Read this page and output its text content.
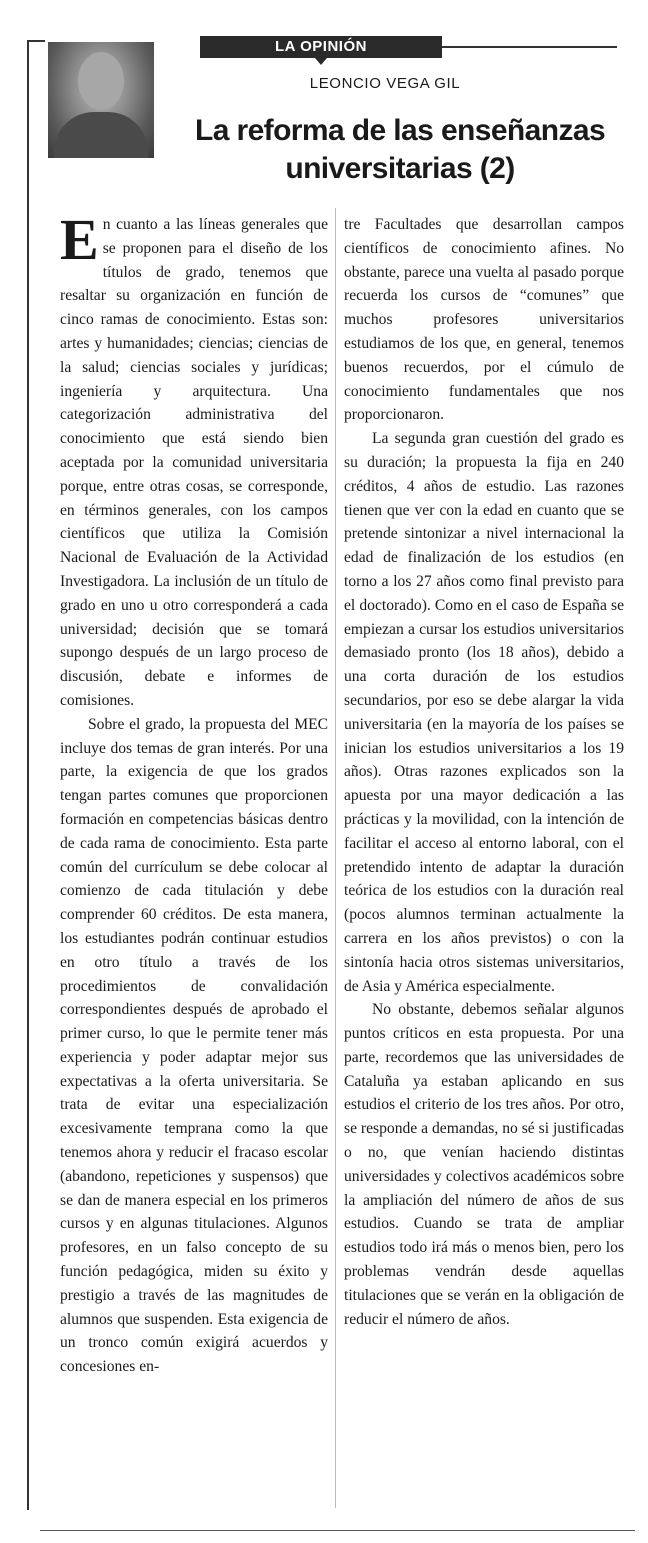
LA OPINIÓN
LEONCIO VEGA GIL
La reforma de las enseñanzas
universitarias (2)

En cuanto a las líneas generales que se proponen para el diseño de los títulos de grado, tenemos que resaltar su organización en función de cinco ramas de conocimiento. Estas son: artes y humanidades; ciencias; ciencias de la salud; ciencias sociales y jurídicas; ingeniería y arquitectura. Una categorización administrativa del conocimiento que está siendo bien aceptada por la comunidad universitaria porque, entre otras cosas, se corresponde, en términos generales, con los campos científicos que utiliza la Comisión Nacional de Evaluación de la Actividad Investigadora. La inclusión de un título de grado en uno u otro corresponderá a cada universidad; decisión que se tomará supongo después de un largo proceso de discusión, debate e informes de comisiones.

Sobre el grado, la propuesta del MEC incluye dos temas de gran interés. Por una parte, la exigencia de que los grados tengan partes comunes que proporcionen formación en competencias básicas dentro de cada rama de conocimiento. Esta parte común del currículum se debe colocar al comienzo de cada titulación y debe comprender 60 créditos. De esta manera, los estudiantes podrán continuar estudios en otro título a través de los procedimientos de convalidación correspondientes después de aprobado el primer curso, lo que le permite tener más experiencia y poder adaptar mejor sus expectativas a la oferta universitaria. Se trata de evitar una especialización excesivamente temprana como la que tenemos ahora y reducir el fracaso escolar (abandono, repeticiones y suspensos) que se dan de manera especial en los primeros cursos y en algunas titulaciones. Algunos profesores, en un falso concepto de su función pedagógica, miden su éxito y prestigio a través de las magnitudes de alumnos que suspenden. Esta exigencia de un tronco común exigirá acuerdos y concesiones en-

tre Facultades que desarrollan campos científicos de conocimiento afines. No obstante, parece una vuelta al pasado porque recuerda los cursos de “comunes” que muchos profesores universitarios estudiamos de los que, en general, tenemos buenos recuerdos, por el cúmulo de conocimiento fundamentales que nos proporcionaron.

La segunda gran cuestión del grado es su duración; la propuesta la fija en 240 créditos, 4 años de estudio. Las razones tienen que ver con la edad en cuanto que se pretende sintonizar a nivel internacional la edad de finalización de los estudios (en torno a los 27 años como final previsto para el doctorado). Como en el caso de España se empiezan a cursar los estudios universitarios demasiado pronto (los 18 años), debido a una corta duración de los estudios secundarios, por eso se debe alargar la vida universitaria (en la mayoría de los países se inician los estudios universitarios a los 19 años). Otras razones explicados son la apuesta por una mayor dedicación a las prácticas y la movilidad, con la intención de facilitar el acceso al entorno laboral, con el pretendido intento de adaptar la duración teórica de los estudios con la duración real (pocos alumnos terminan actualmente la carrera en los años previstos) o con la sintonía hacia otros sistemas universitarios, de Asia y América especialmente.

No obstante, debemos señalar algunos puntos críticos en esta propuesta. Por una parte, recordemos que las universidades de Cataluña ya estaban aplicando en sus estudios el criterio de los tres años. Por otro, se responde a demandas, no sé si justificadas o no, que venían haciendo distintas universidades y colectivos académicos sobre la ampliación del número de años de sus estudios. Cuando se trata de ampliar estudios todo irá más o menos bien, pero los problemas vendrán desde aquellas titulaciones que se verán en la obligación de reducir el número de años.
